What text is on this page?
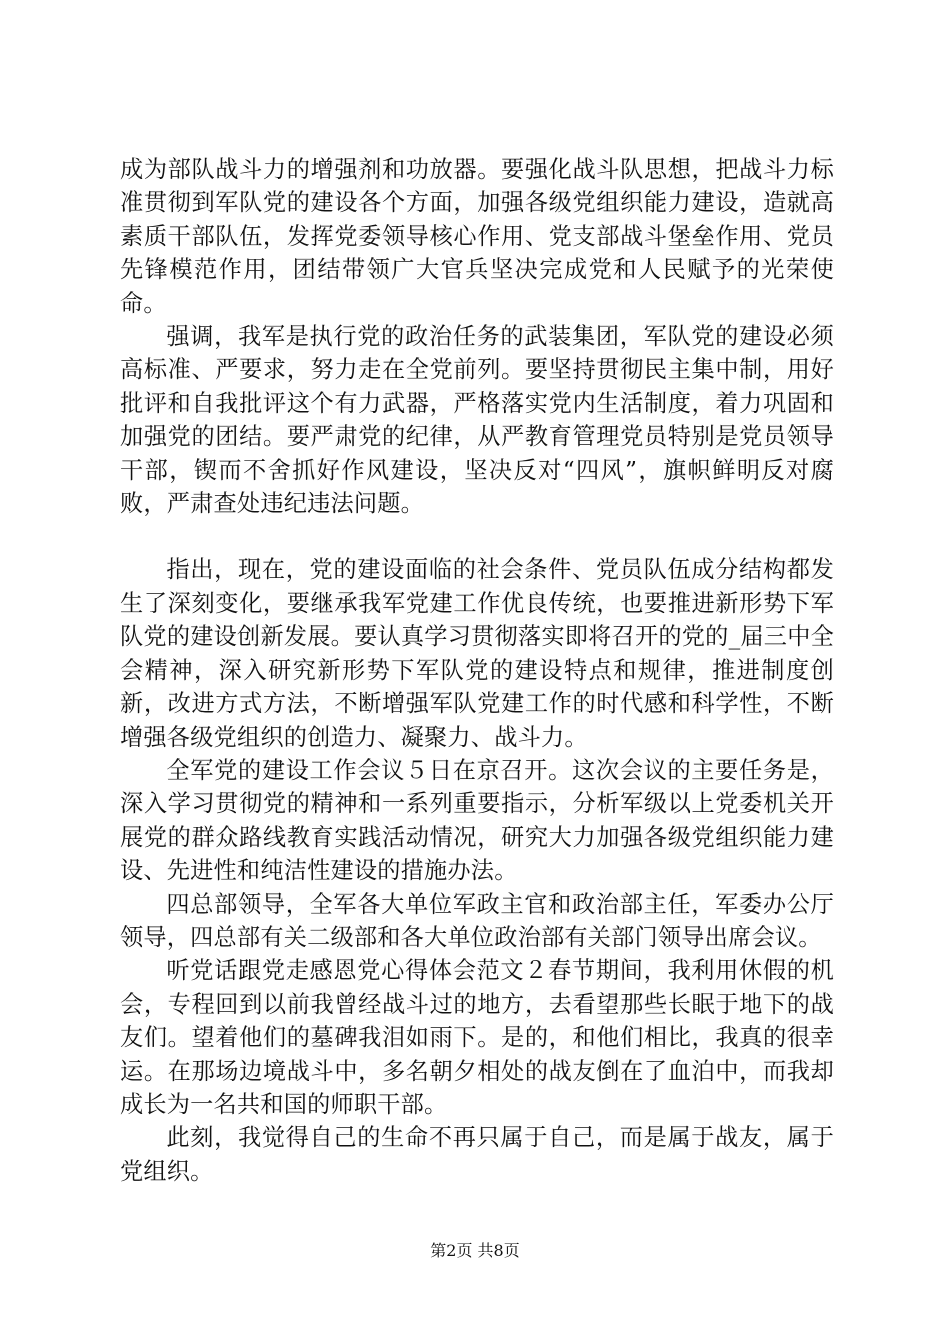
成为部队战斗力的增强剂和功放器。要强化战斗队思想，把战斗力标准贯彻到军队党的建设各个方面，加强各级党组织能力建设，造就高素质干部队伍，发挥党委领导核心作用、党支部战斗堡垒作用、党员先锋模范作用，团结带领广大官兵坚决完成党和人民赋予的光荣使命。

强调，我军是执行党的政治任务的武装集团，军队党的建设必须高标准、严要求，努力走在全党前列。要坚持贯彻民主集中制，用好批评和自我批评这个有力武器，严格落实党内生活制度，着力巩固和加强党的团结。要严肃党的纪律，从严教育管理党员特别是党员领导干部，锲而不舍抓好作风建设，坚决反对“四风”，旗帜鲜明反对腐败，严肃查处违纪违法问题。

指出，现在，党的建设面临的社会条件、党员队伍成分结构都发生了深刻变化，要继承我军党建工作优良传统，也要推进新形势下军队党的建设创新发展。要认真学习贯彻落实即将召开的党的_届三中全会精神，深入研究新形势下军队党的建设特点和规律，推进制度创新，改进方式方法，不断增强军队党建工作的时代感和科学性，不断增强各级党组织的创造力、凝聚力、战斗力。

全军党的建设工作会议５日在京召开。这次会议的主要任务是，深入学习贯彻党的精神和一系列重要指示，分析军级以上党委机关开展党的群众路线教育实践活动情况，研究大力加强各级党组织能力建设、先进性和纯洁性建设的措施办法。

四总部领导，全军各大单位军政主官和政治部主任，军委办公厅领导，四总部有关二级部和各大单位政治部有关部门领导出席会议。

听党话跟党走感恩党心得体会范文２春节期间，我利用休假的机会，专程回到以前我曾经战斗过的地方，去看望那些长眠于地下的战友们。望着他们的墓碑我泪如雨下。是的，和他们相比，我真的很幸运。在那场边境战斗中，多名朝夕相处的战友倒在了血泊中，而我却成长为一名共和国的师职干部。

此刻，我觉得自己的生命不再只属于自己，而是属于战友，属于党组织。

第2页 共8页
